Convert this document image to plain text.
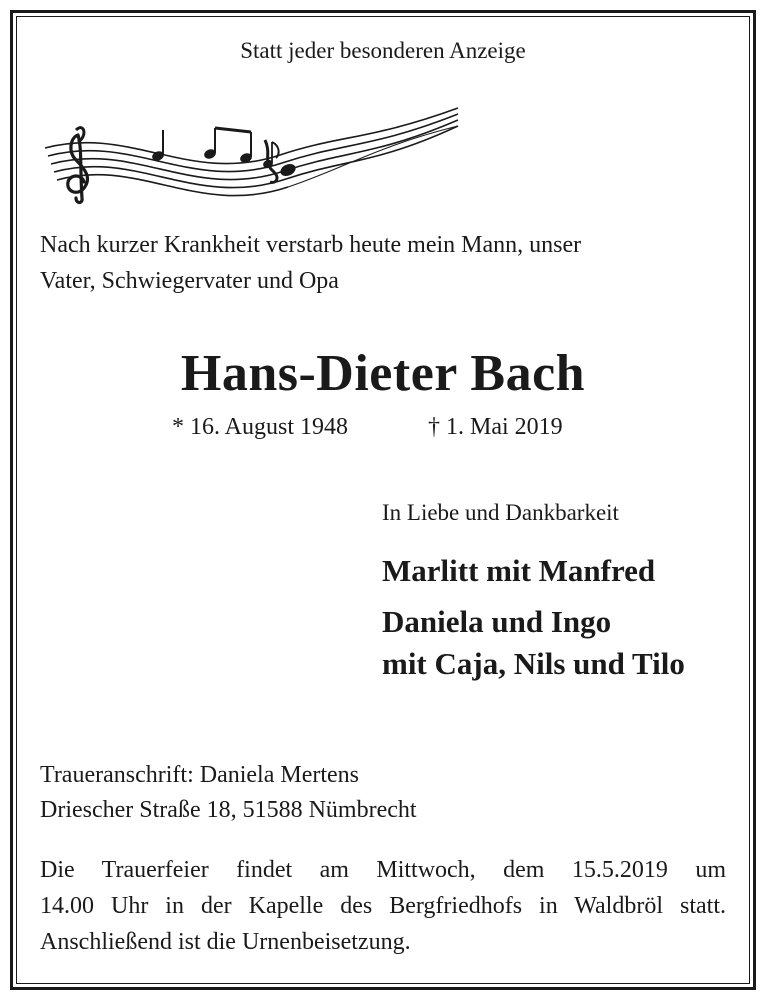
Statt jeder besonderen Anzeige
Nach kurzer Krankheit verstarb heute mein Mann, unser
Vater, Schwiegervater und Opa
Hans-Dieter Bach
* 16. August 1948	† 1. Mai 2019
In Liebe und Dankbarkeit
Marlitt mit Manfred
Daniela und Ingo
mit Caja, Nils und Tilo
Traueranschrift: Daniela Mertens
Driescher Straße 18, 51588 Nümbrecht
Die Trauerfeier findet am Mittwoch, dem 15.5.2019 um
14.00 Uhr in der Kapelle des Bergfriedhofs in Waldbröl statt.
Anschließend ist die Urnenbeisetzung.
